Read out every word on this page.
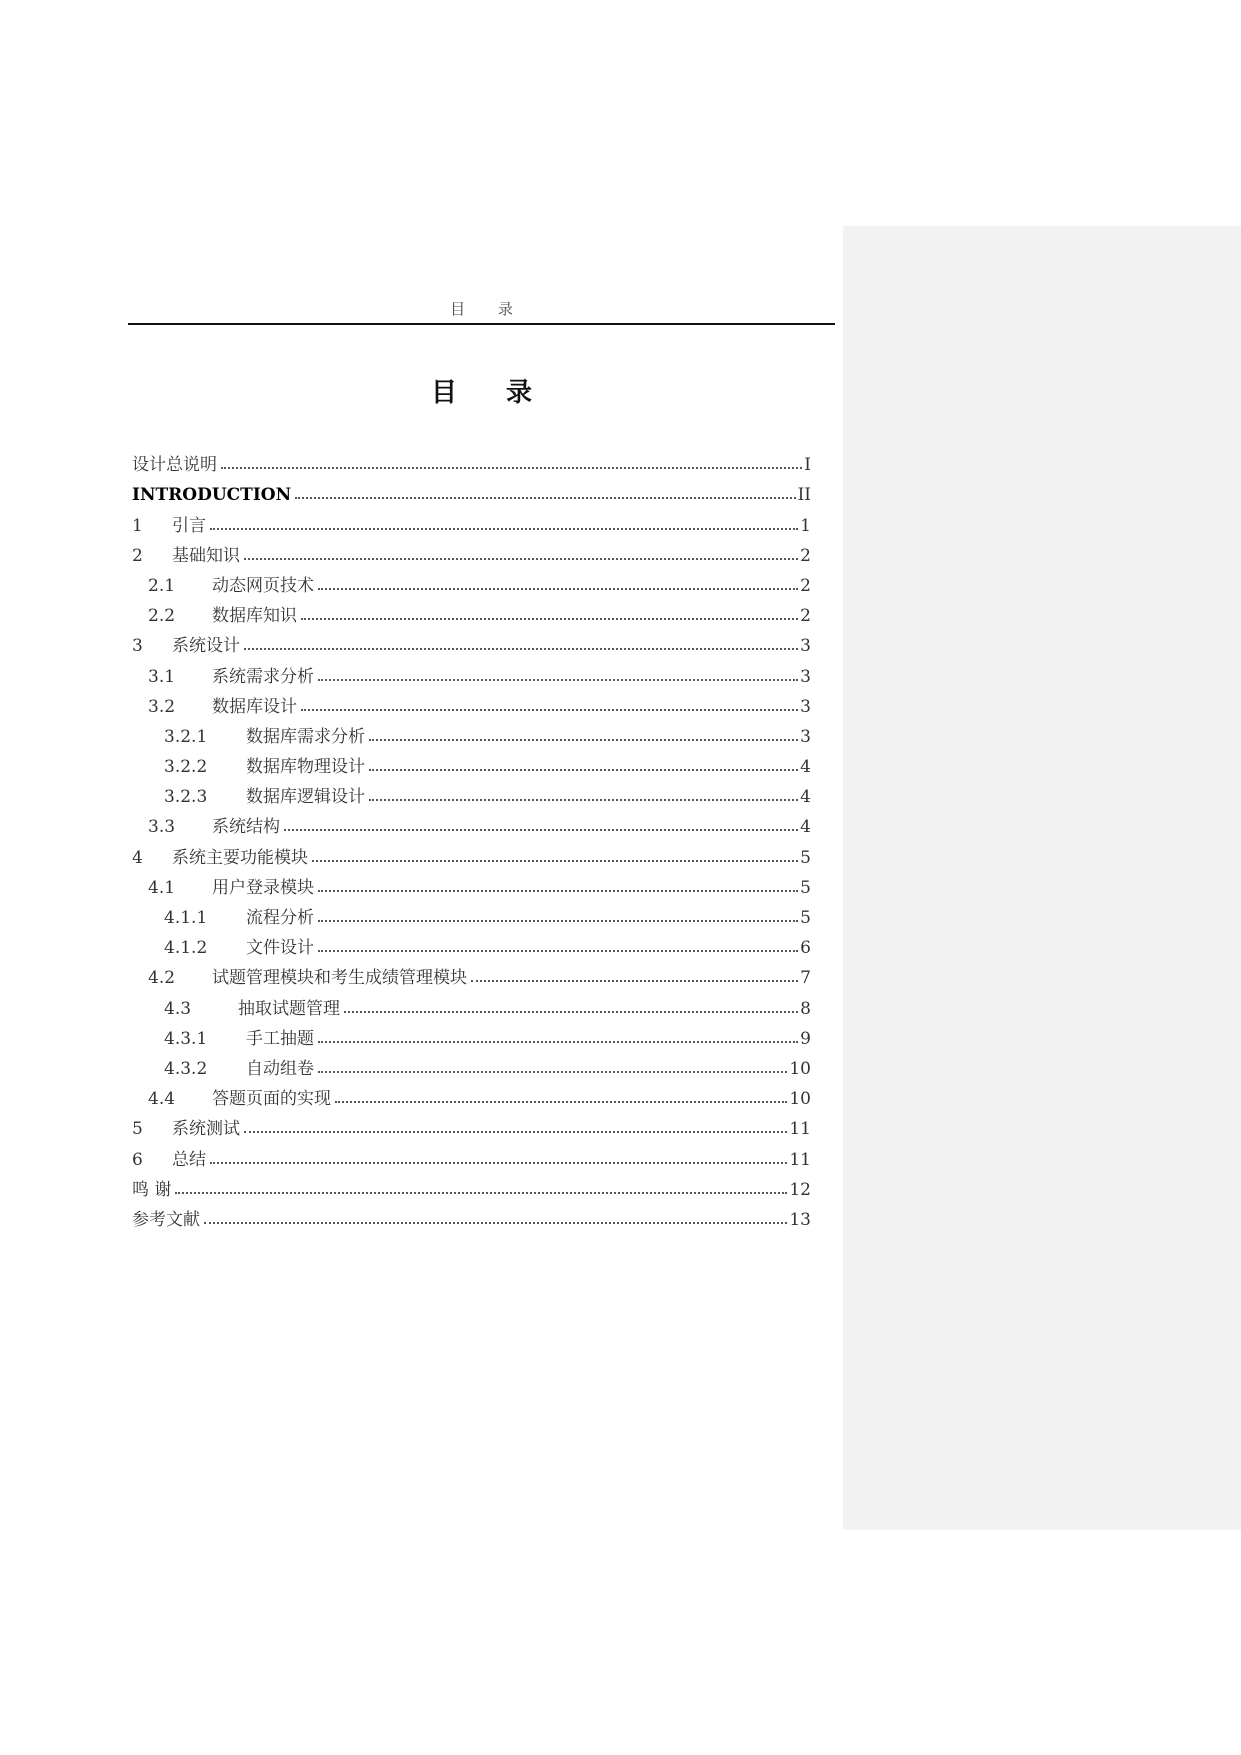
目 录
目 录
设计总说明	I
INTRODUCTION	II
1	引言	1
2	基础知识	2
2.1	动态网页技术	2
2.2	数据库知识	2
3	系统设计	3
3.1	系统需求分析	3
3.2	数据库设计	3
3.2.1	数据库需求分析	3
3.2.2	数据库物理设计	4
3.2.3	数据库逻辑设计	4
3.3	系统结构	4
4	系统主要功能模块	5
4.1	用户登录模块	5
4.1.1	流程分析	5
4.1.2	文件设计	6
4.2	试题管理模块和考生成绩管理模块	7
4.3	抽取试题管理	8
4.3.1	手工抽题	9
4.3.2	自动组卷	10
4.4	答题页面的实现	10
5	系统测试	11
6	总结	11
鸣 谢	12
参考文献	13
